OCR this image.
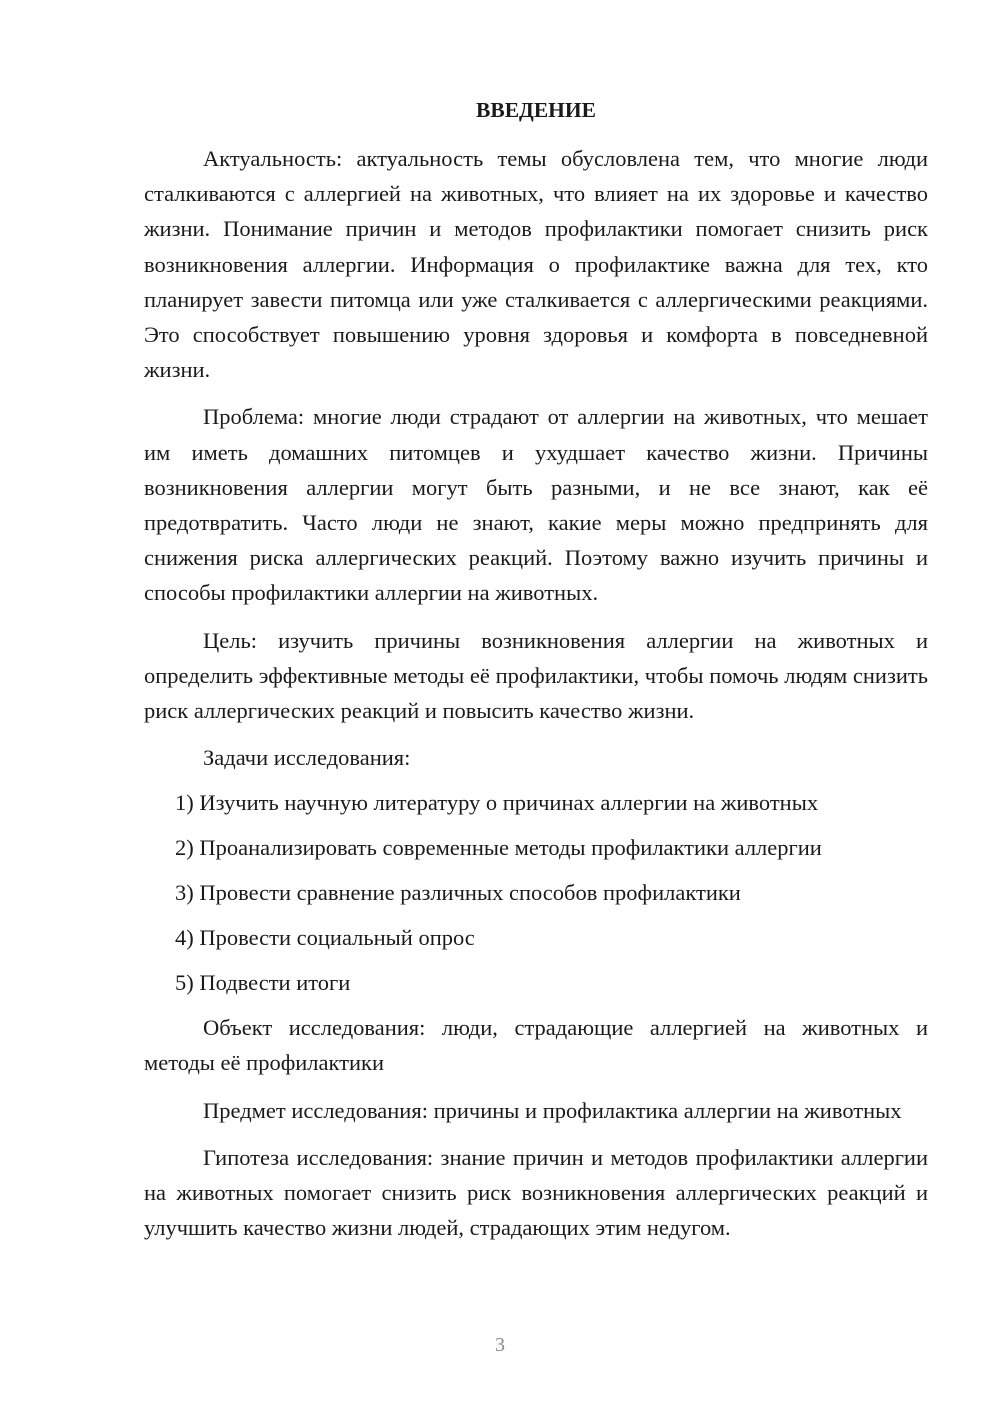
ВВЕДЕНИЕ

Актуальность: актуальность темы обусловлена тем, что многие люди сталкиваются с аллергией на животных, что влияет на их здоровье и качество жизни. Понимание причин и методов профилактики помогает снизить риск возникновения аллергии. Информация о профилактике важна для тех, кто планирует завести питомца или уже сталкивается с аллергическими реакциями. Это способствует повышению уровня здоровья и комфорта в повседневной жизни.

Проблема: многие люди страдают от аллергии на животных, что мешает им иметь домашних питомцев и ухудшает качество жизни. Причины возникновения аллергии могут быть разными, и не все знают, как её предотвратить. Часто люди не знают, какие меры можно предпринять для снижения риска аллергических реакций. Поэтому важно изучить причины и способы профилактики аллергии на животных.

Цель: изучить причины возникновения аллергии на животных и определить эффективные методы её профилактики, чтобы помочь людям снизить риск аллергических реакций и повысить качество жизни.

Задачи исследования:
1) Изучить научную литературу о причинах аллергии на животных
2) Проанализировать современные методы профилактики аллергии
3) Провести сравнение различных способов профилактики
4) Провести социальный опрос
5) Подвести итоги

Объект исследования: люди, страдающие аллергией на животных и методы её профилактики

Предмет исследования: причины и профилактика аллергии на животных

Гипотеза исследования: знание причин и методов профилактики аллергии на животных помогает снизить риск возникновения аллергических реакций и улучшить качество жизни людей, страдающих этим недугом.

3
